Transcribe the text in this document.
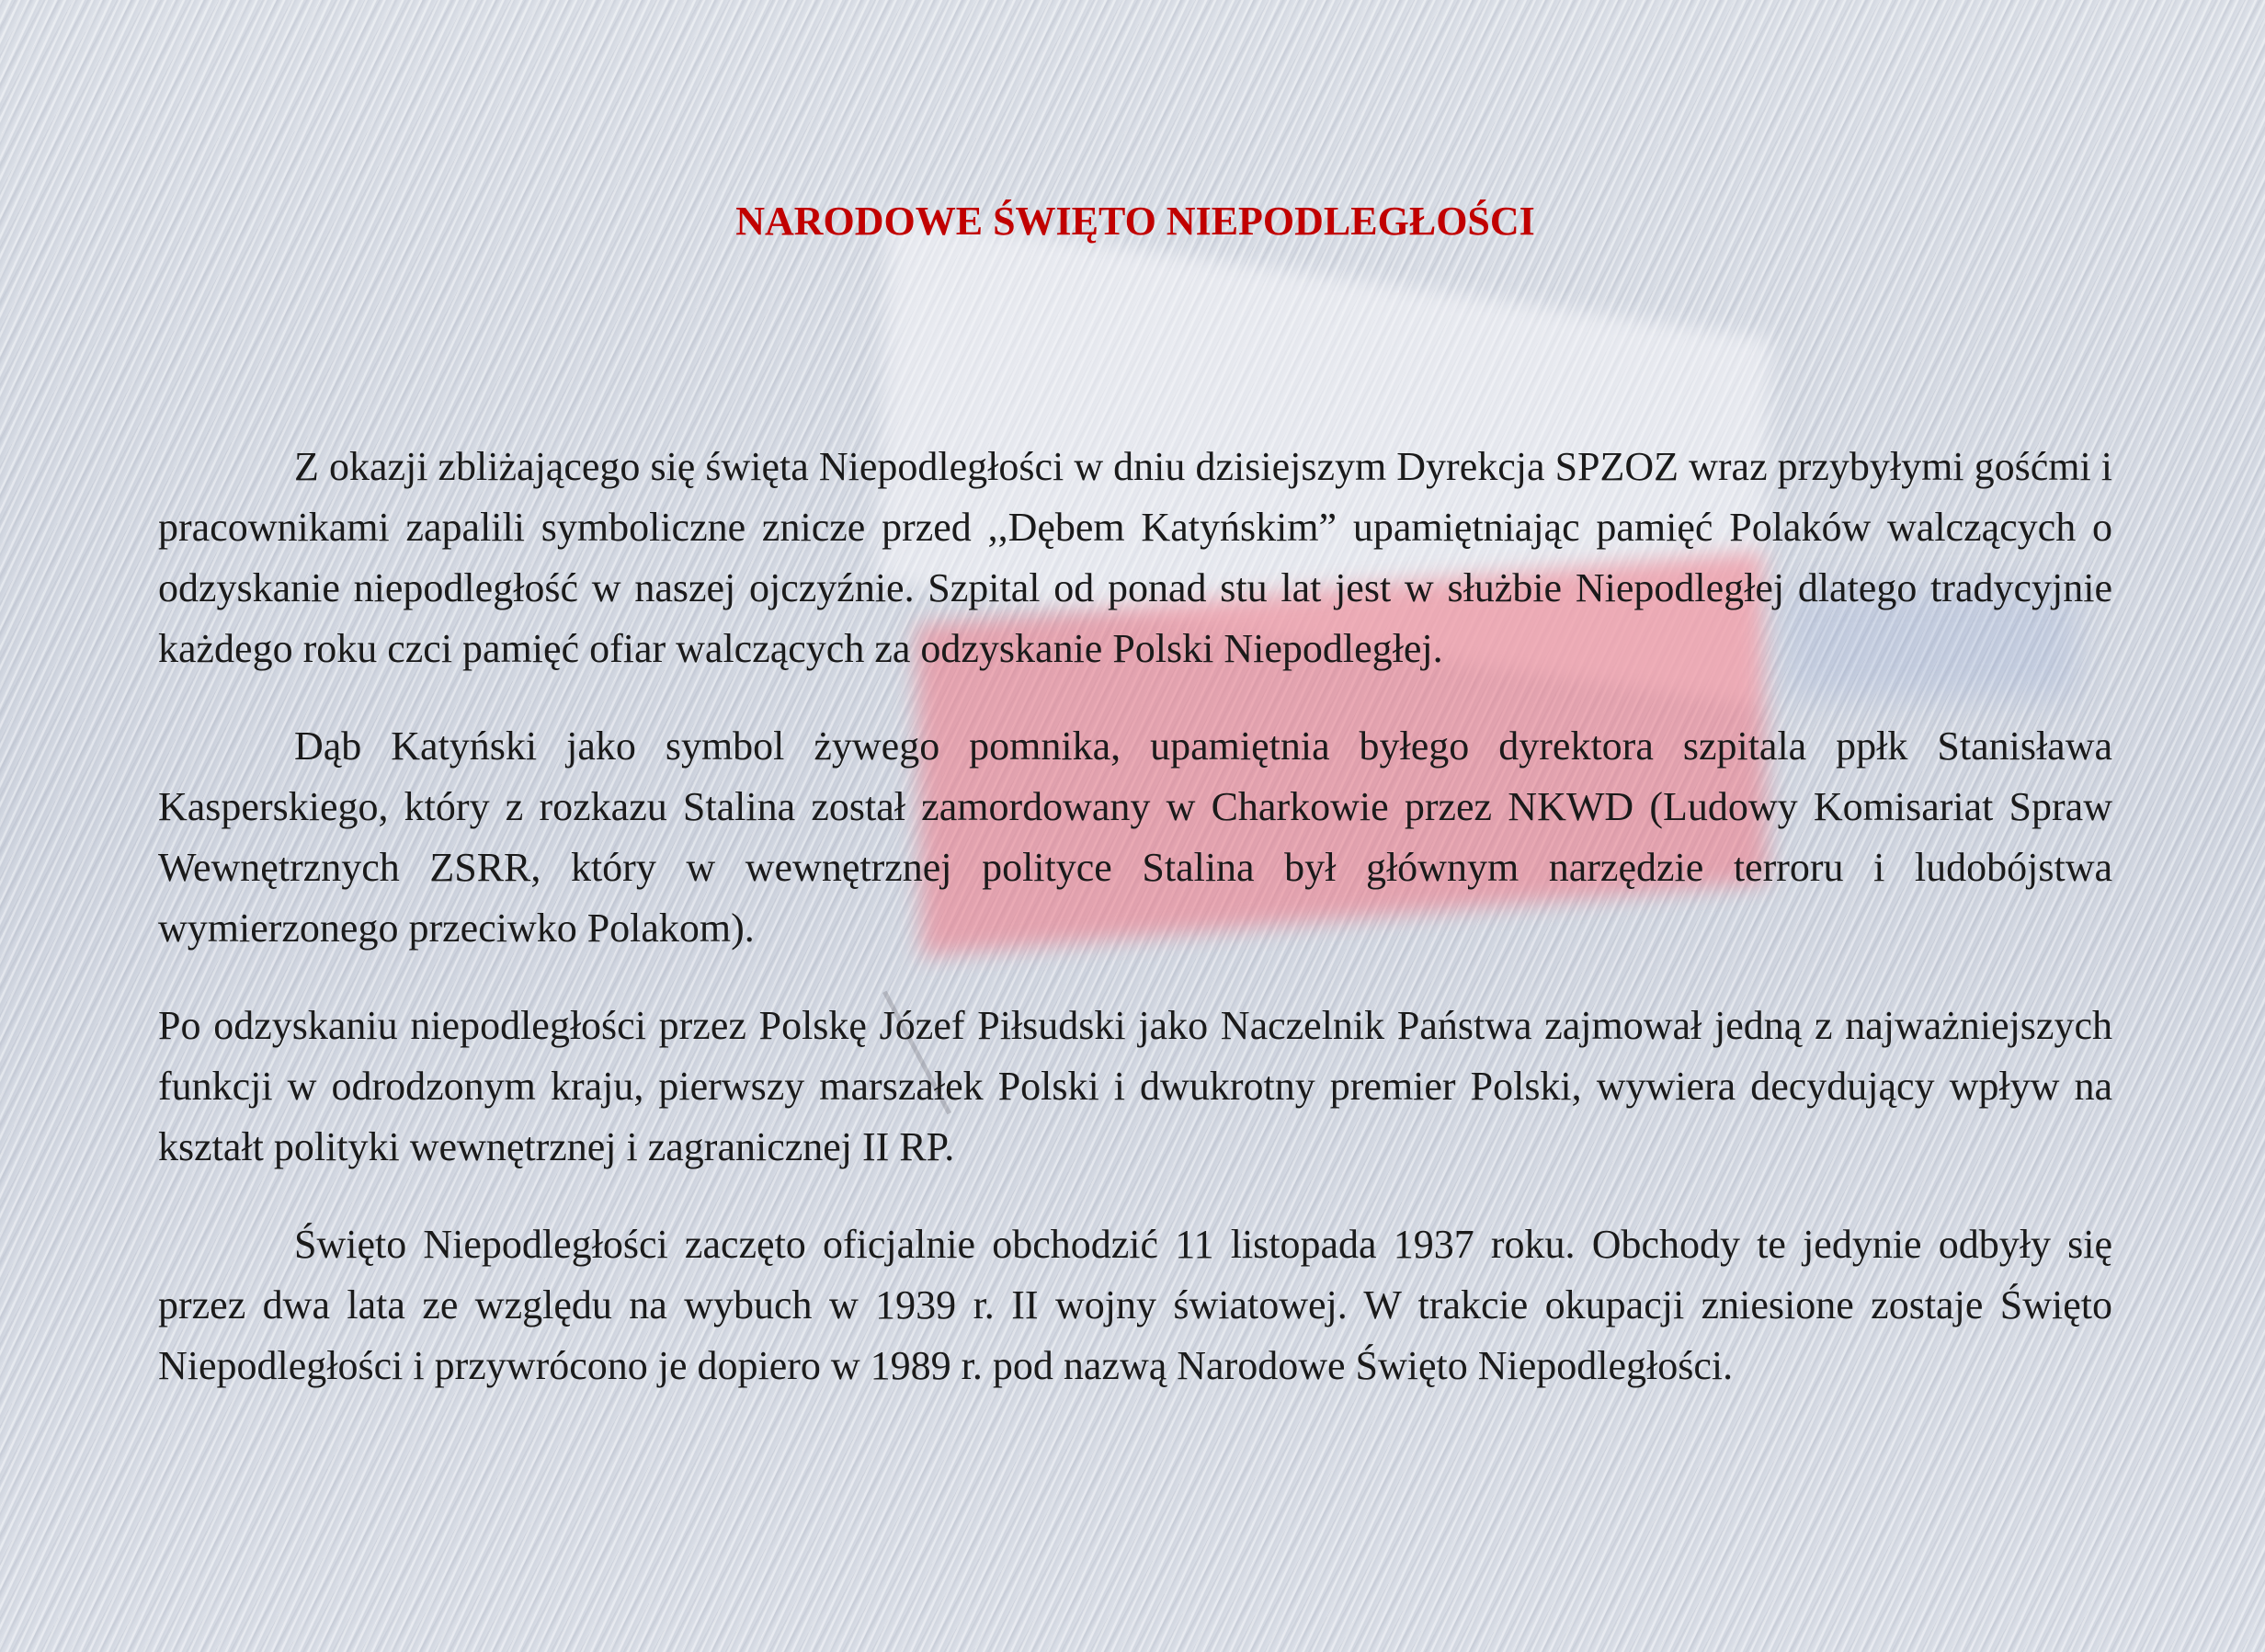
NARODOWE ŚWIĘTO NIEPODLEGŁOŚCI

Z okazji zbliżającego się święta Niepodległości w dniu dzisiejszym Dyrekcja SPZOZ wraz przybyłymi gośćmi i pracownikami zapalili symboliczne znicze przed ,,Dębem Katyńskim” upamiętniając pamięć Polaków walczących o odzyskanie niepodległość w naszej ojczyźnie. Szpital od ponad stu lat jest w służbie Niepodległej dlatego tradycyjnie każdego roku czci pamięć ofiar walczących za odzyskanie Polski Niepodległej.

Dąb Katyński jako symbol żywego pomnika, upamiętnia byłego dyrektora szpitala ppłk Stanisława Kasperskiego, który z rozkazu Stalina został zamordowany w Charkowie przez NKWD (Ludowy Komisariat Spraw Wewnętrznych ZSRR, który w wewnętrznej polityce Stalina był głównym narzędzie terroru i ludobójstwa wymierzonego przeciwko Polakom).

Po odzyskaniu niepodległości przez Polskę Józef Piłsudski jako Naczelnik Państwa zajmował jedną z najważniejszych funkcji w odrodzonym kraju, pierwszy marszałek Polski i dwukrotny premier Polski, wywiera decydujący wpływ na kształt polityki wewnętrznej i zagranicznej II RP.

Święto Niepodległości zaczęto oficjalnie obchodzić 11 listopada 1937 roku. Obchody te jedynie odbyły się przez dwa lata ze względu na wybuch w 1939 r. II wojny światowej. W trakcie okupacji zniesione zostaje Święto Niepodległości i przywrócono je dopiero w 1989 r. pod nazwą Narodowe Święto Niepodległości.
